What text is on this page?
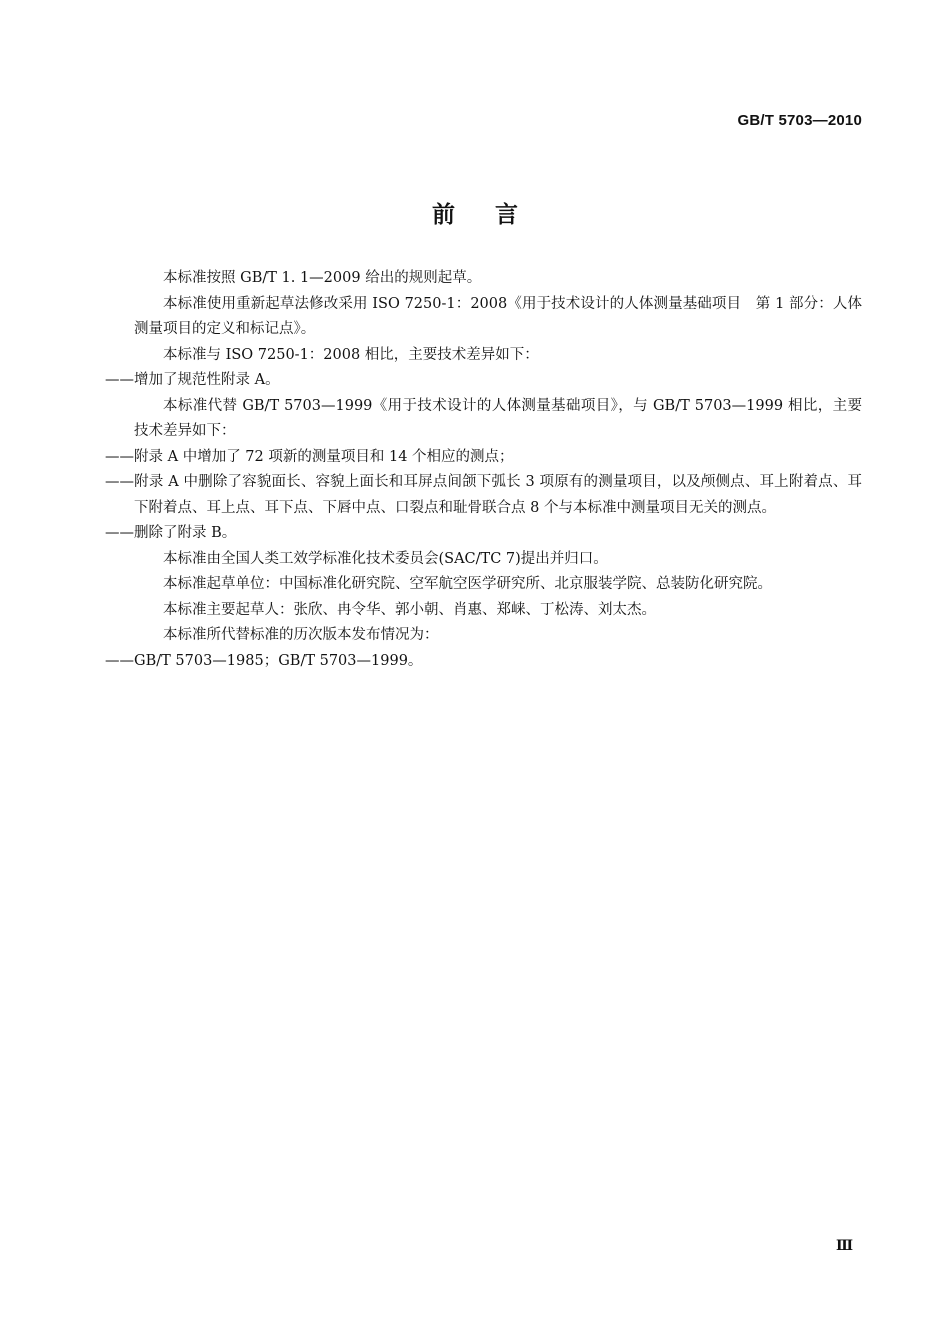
GB/T 5703—2010
前言

本标准按照 GB/T 1. 1—2009 给出的规则起草。

本标准使用重新起草法修改采用 ISO 7250-1：2008《用于技术设计的人体测量基础项目　第 1 部分：人体测量项目的定义和标记点》。

本标准与 ISO 7250-1：2008 相比，主要技术差异如下：

——增加了规范性附录 A。

本标准代替 GB/T 5703—1999《用于技术设计的人体测量基础项目》，与 GB/T 5703—1999 相比，主要技术差异如下：

——附录 A 中增加了 72 项新的测量项目和 14 个相应的测点；

——附录 A 中删除了容貌面长、容貌上面长和耳屏点间颌下弧长 3 项原有的测量项目，以及颅侧点、耳上附着点、耳下附着点、耳上点、耳下点、下唇中点、口裂点和耻骨联合点 8 个与本标准中测量项目无关的测点。

——删除了附录 B。

本标准由全国人类工效学标准化技术委员会(SAC/TC 7)提出并归口。

本标准起草单位：中国标准化研究院、空军航空医学研究所、北京服装学院、总装防化研究院。

本标准主要起草人：张欣、冉令华、郭小朝、肖惠、郑崃、丁松涛、刘太杰。

本标准所代替标准的历次版本发布情况为：

——GB/T 5703—1985；GB/T 5703—1999。

Ⅲ
